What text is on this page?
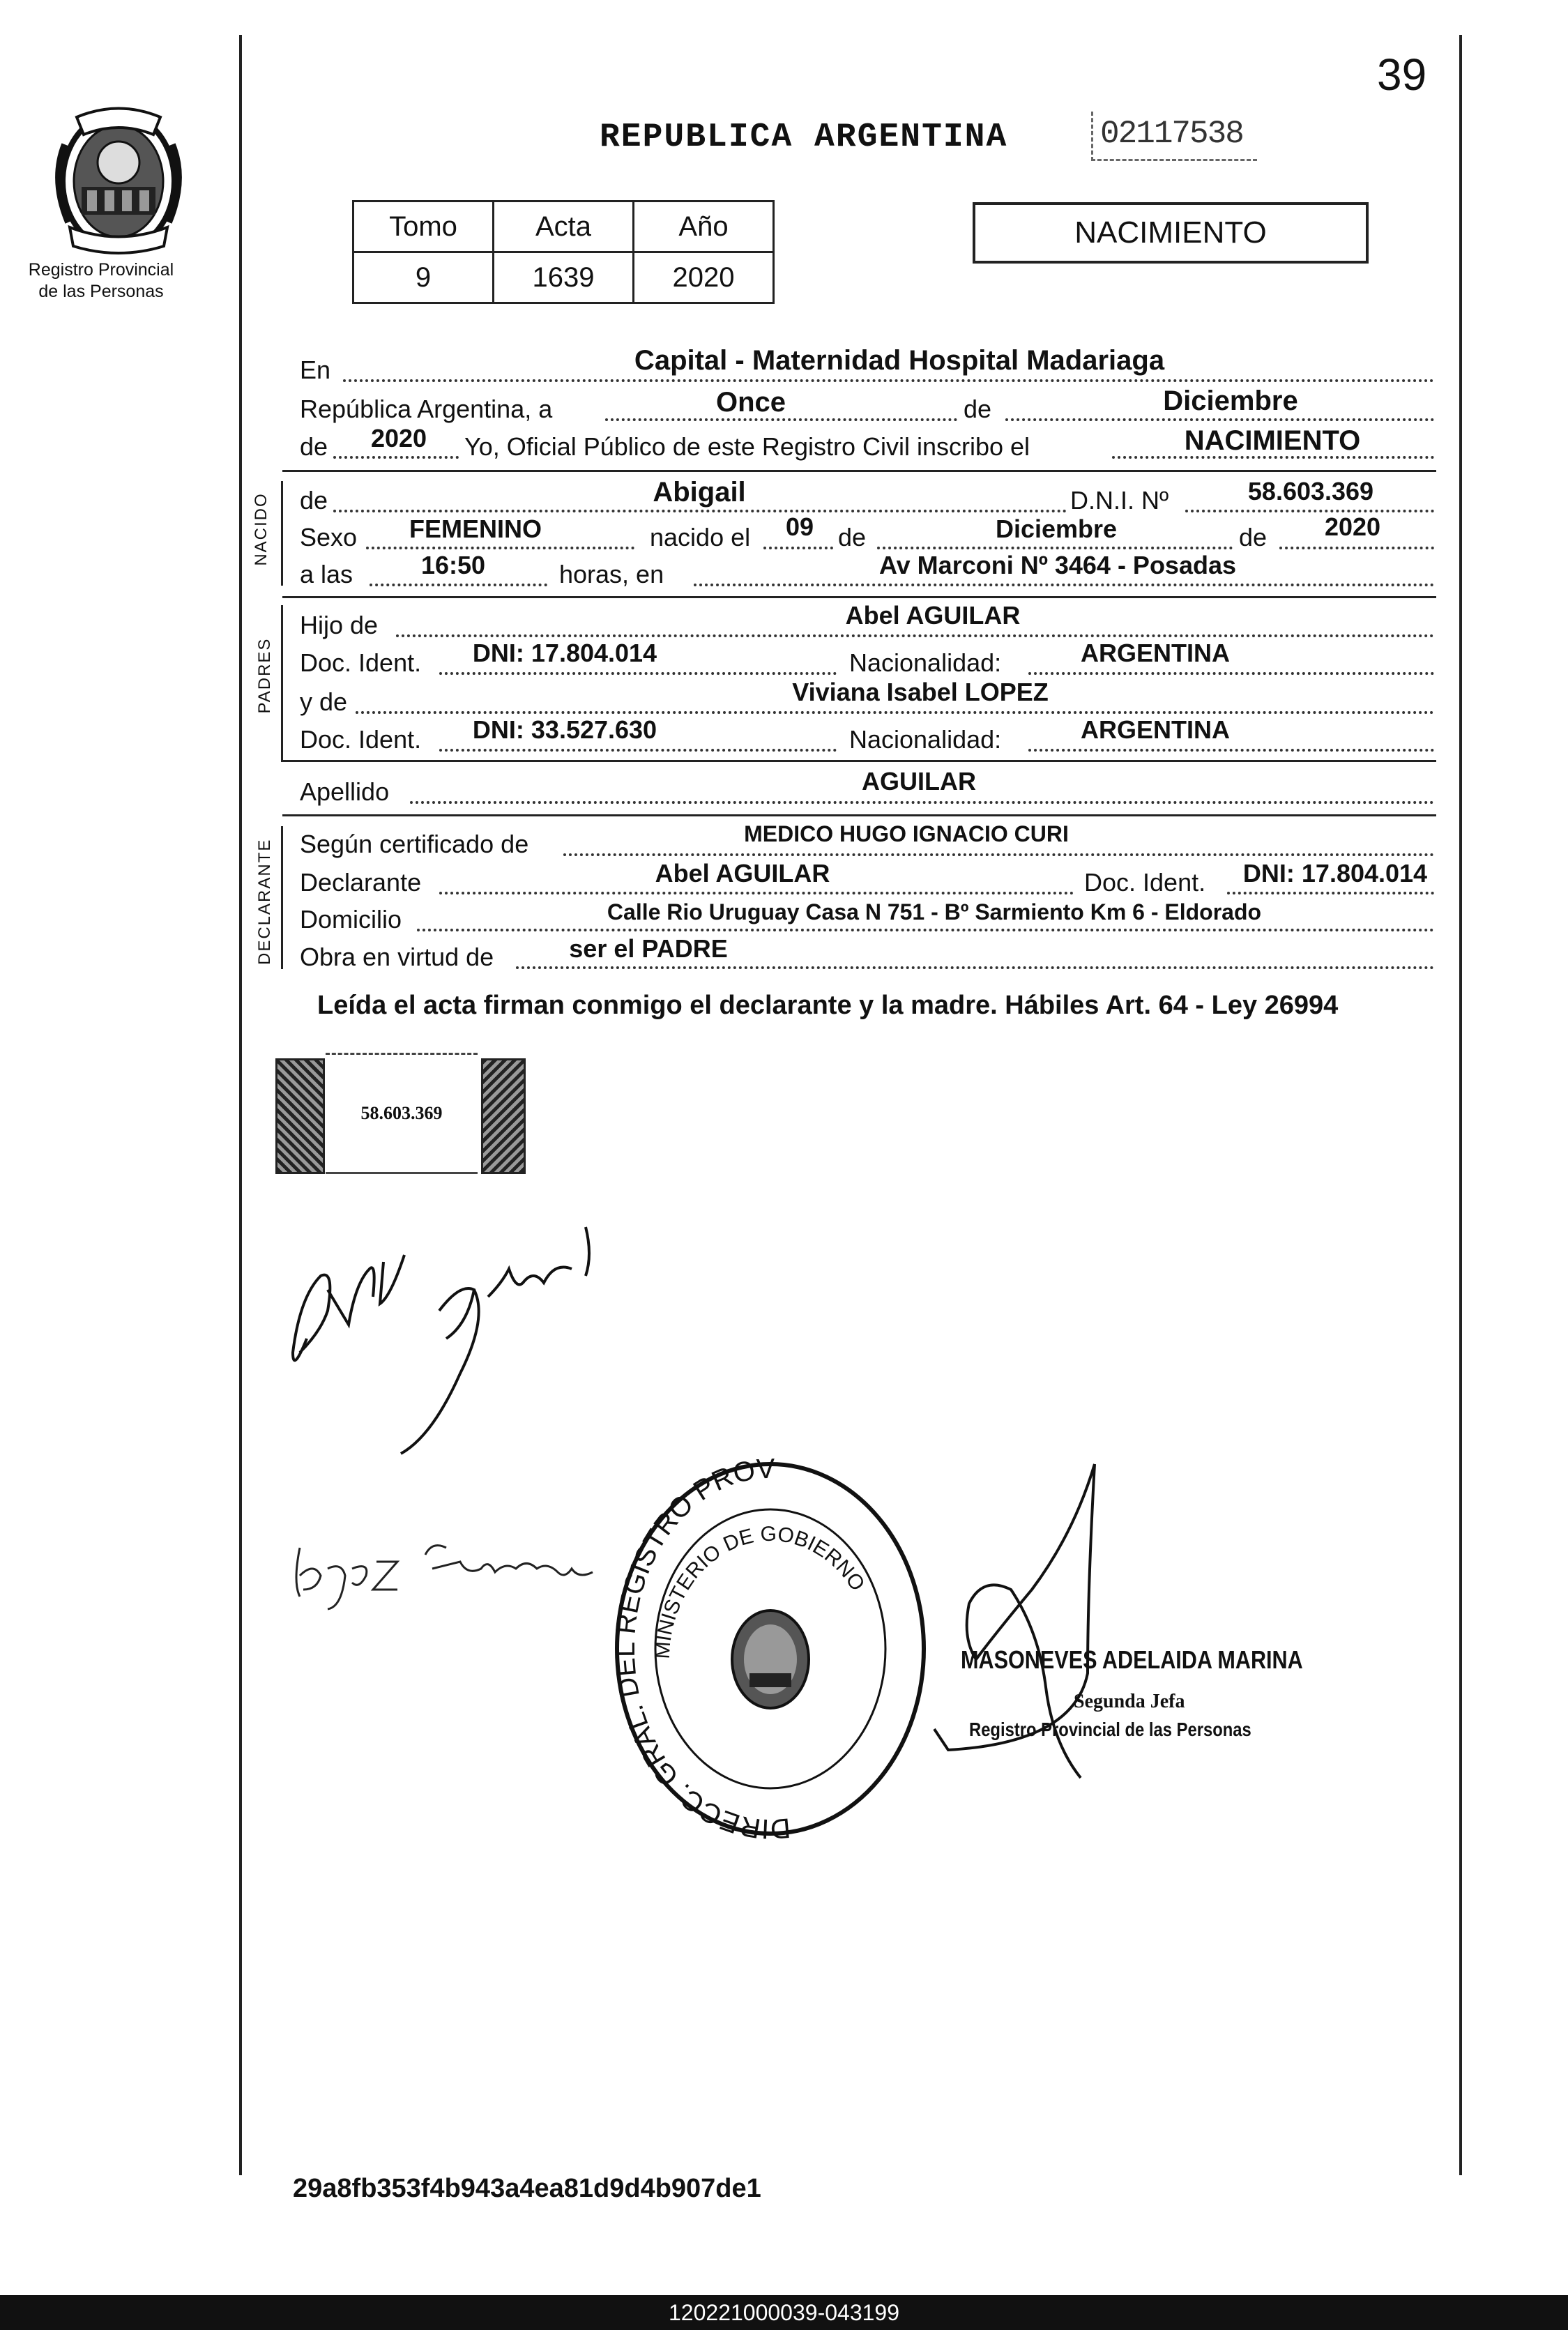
39
Registro Provincial
de las Personas
REPUBLICA ARGENTINA	02117538
Tomo	Acta	Año
9	1639	2020
NACIMIENTO
En	Capital - Maternidad Hospital Madariaga
República Argentina, a	Once	de	Diciembre
de 2020 Yo, Oficial Público de este Registro Civil inscribo el	NACIMIENTO
NACIDO de	Abigail	D.N.I. Nº	58.603.369
Sexo FEMENINO	nacido el 09 de	Diciembre	de 2020
a las	16:50	horas, en	Av Marconi Nº 3464 - Posadas
PADRES
Hijo de	Abel AGUILAR
Doc. Ident. DNI: 17.804.014	Nacionalidad:	ARGENTINA
y de	Viviana Isabel LOPEZ
Doc. Ident. DNI: 33.527.630	Nacionalidad:	ARGENTINA
Apellido	AGUILAR
DECLARANTE Según certificado de	MEDICO HUGO IGNACIO CURI
Declarante	Abel AGUILAR	Doc. Ident. DNI: 17.804.014
Domicilio	Calle Rio Uruguay Casa N 751 - Bº Sarmiento Km 6 - Eldorado
Obra en virtud de	ser el PADRE
Leída el acta firman conmigo el declarante y la madre. Hábiles Art. 64 - Ley 26994
58.603.369
DIRECC. GRAL. DEL REGISTRO PROV
MINISTERIO DE GOBIERNO
MASONEVES ADELAIDA MARINA
Segunda Jefa
Registro Provincial de las Personas
29a8fb353f4b943a4ea81d9d4b907de1
120221000039-043199
